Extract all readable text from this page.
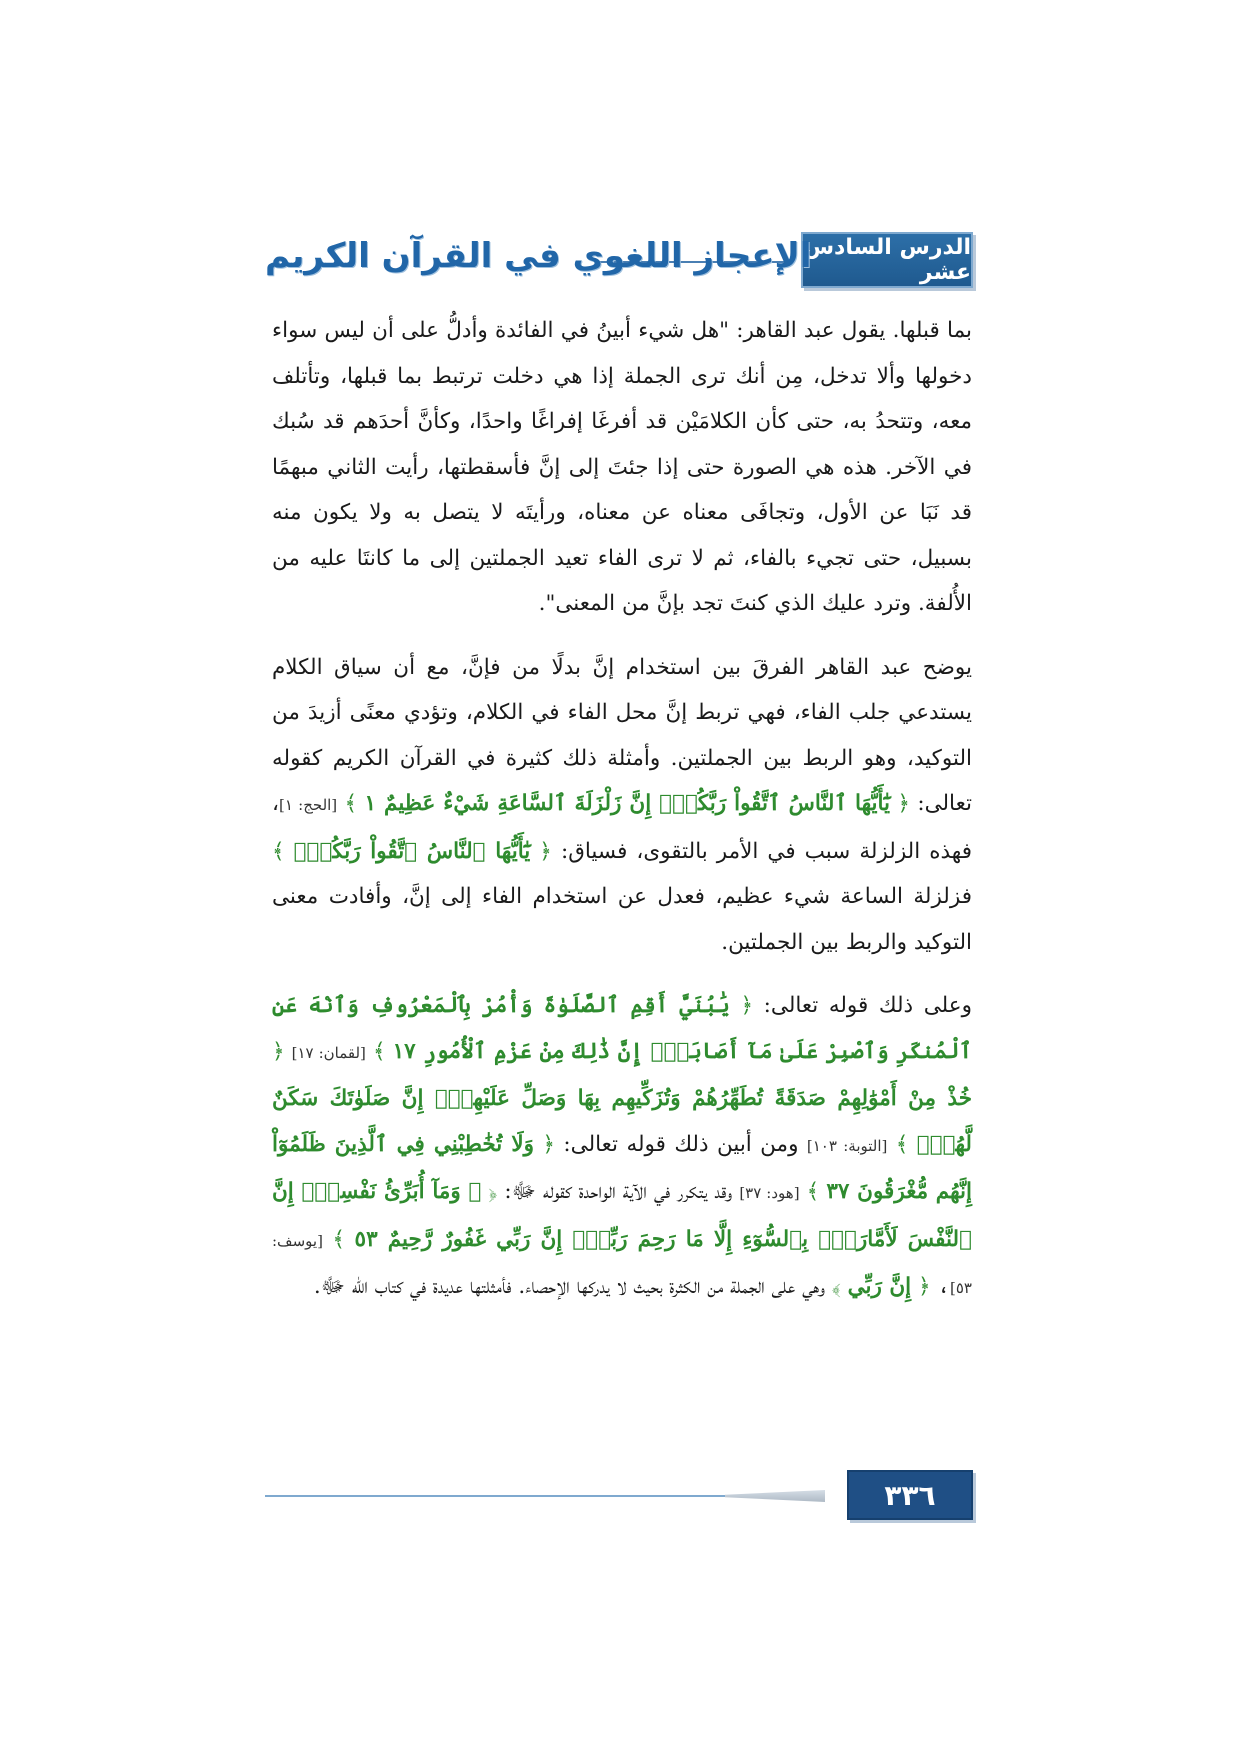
الدرس السادس عشر
الإعجاز اللغوي في القرآن الكريم

بما قبلها. يقول عبد القاهر: "هل شيء أبينُ في الفائدة وأدلُّ على أن ليس سواء دخولها وألا تدخل، مِن أنك ترى الجملة إذا هي دخلت ترتبط بما قبلها، وتأتلف معه، وتتحدُ به، حتى كأن الكلامَيْن قد أفرغَا إفراغًا واحدًا، وكأنَّ أحدَهم قد سُبك في الآخر. هذه هي الصورة حتى إذا جئتَ إلى إنَّ فأسقطتها، رأيت الثاني مبهمًا قد نَبَا عن الأول، وتجافَى معناه عن معناه، ورأيتَه لا يتصل به ولا يكون منه بسبيل، حتى تجيء بالفاء، ثم لا ترى الفاء تعيد الجملتين إلى ما كانتَا عليه من الأُلفة. وترد عليك الذي كنتَ تجد بإنَّ من المعنى".

يوضح عبد القاهر الفرقَ بين استخدام إنَّ بدلًا من فإنَّ، مع أن سياق الكلام يستدعي جلب الفاء، فهي تربط إنَّ محل الفاء في الكلام، وتؤدي معنًى أزيدَ من التوكيد، وهو الربط بين الجملتين. وأمثلة ذلك كثيرة في القرآن الكريم كقوله تعالى: ﴿ يَٰٓأَيُّهَا ٱلنَّاسُ ٱتَّقُواْ رَبَّكُمْۚ إِنَّ زَلْزَلَةَ ٱلسَّاعَةِ شَيْءٌ عَظِيمٌ ١ ﴾ [الحج: ١]، فهذه الزلزلة سبب في الأمر بالتقوى، فسياق: ﴿ يَٰٓأَيُّهَا ٱلنَّاسُ ٱتَّقُواْ رَبَّكُمْۚ ﴾ فزلزلة الساعة شيء عظيم، فعدل عن استخدام الفاء إلى إنَّ، وأفادت معنى التوكيد والربط بين الجملتين.

وعلى ذلك قوله تعالى: ﴿ يَٰبُنَيَّ أَقِمِ ٱلصَّلَوٰةَ وَأْمُرْ بِٱلْمَعْرُوفِ وَٱنْهَ عَنِ ٱلْمُنكَرِ وَٱصْبِرْ عَلَىٰ مَآ أَصَابَكَۖ إِنَّ ذَٰلِكَ مِنْ عَزْمِ ٱلْأُمُورِ ١٧ ﴾ [لقمان: ١٧] ﴿ خُذْ مِنْ أَمْوَٰلِهِمْ صَدَقَةً تُطَهِّرُهُمْ وَتُزَكِّيهِم بِهَا وَصَلِّ عَلَيْهِمْۖ إِنَّ صَلَوٰتَكَ سَكَنٌ لَّهُمْۗ ﴾ [التوبة: ١٠٣] ومن أبين ذلك قوله تعالى: ﴿ وَلَا تُخَٰطِبْنِي فِي ٱلَّذِينَ ظَلَمُوٓاْ إِنَّهُم مُّغْرَقُونَ ٣٧ ﴾ [هود: ٣٧] وقد يتكرر في الآية الواحدة كقوله ﷻ: ﴿ ۞ وَمَآ أُبَرِّئُ نَفْسِيٓۚ إِنَّ ٱلنَّفْسَ لَأَمَّارَةُۢ بِٱلسُّوٓءِ إِلَّا مَا رَحِمَ رَبِّيٓۚ إِنَّ رَبِّي غَفُورٌ رَّحِيمٌ ٥٣ ﴾ [يوسف: ٥٣]، ﴿ إِنَّ رَبِّي ﴾ وهي على الجملة من الكثرة بحيث لا يدركها الإحصاء. فأمثلتها عديدة في كتاب الله ﷻ.

٣٣٦
